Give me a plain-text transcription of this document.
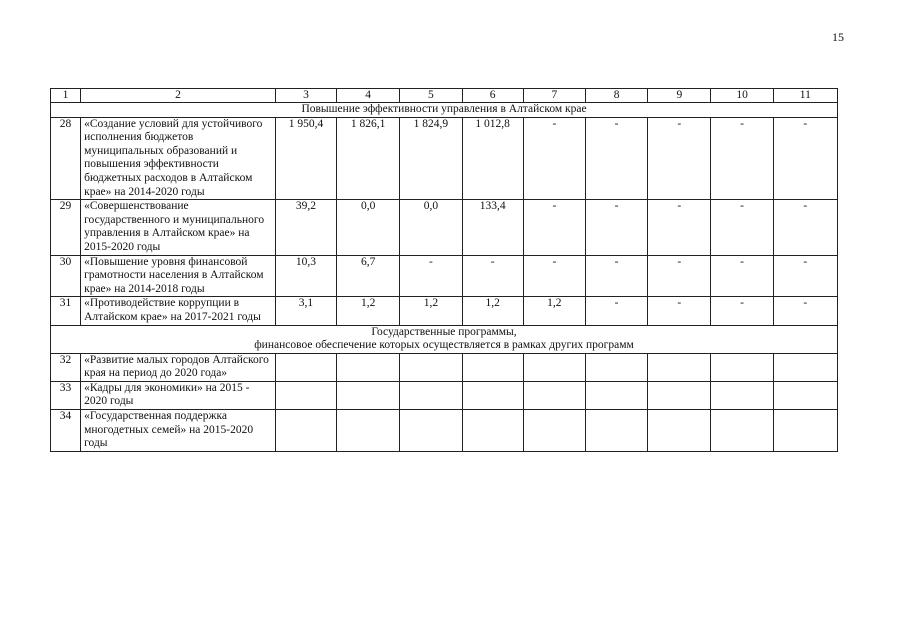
15
1	2	3	4	5	6	7	8	9	10	11
Повышение эффективности управления в Алтайском крае										
28	«Создание условий для устойчивого исполнения бюджетов муниципальных образований и повышения эффективности бюджетных расходов в Алтайском крае» на 2014-2020 годы	1 950,4	1 826,1	1 824,9	1 012,8	-	-	-	-	-
29	«Совершенствование государственного и муниципального управления в Алтайском крае» на 2015-2020 годы	39,2	0,0	0,0	133,4	-	-	-	-	-
30	«Повышение уровня финансовой грамотности населения в Алтайском крае» на 2014-2018 годы	10,3	6,7	-	-	-	-	-	-	-
31	«Противодействие коррупции в Алтайском крае» на 2017-2021 годы	3,1	1,2	1,2	1,2	1,2	-	-	-	-

Государственные программы,
финансовое обеспечение которых осуществляется в рамках других программ										

32	«Развитие малых городов Алтайского края на период до 2020 года»									
33	«Кадры для экономики» на 2015 - 2020 годы									
34	«Государственная поддержка многодетных семей» на 2015-2020 годы									
